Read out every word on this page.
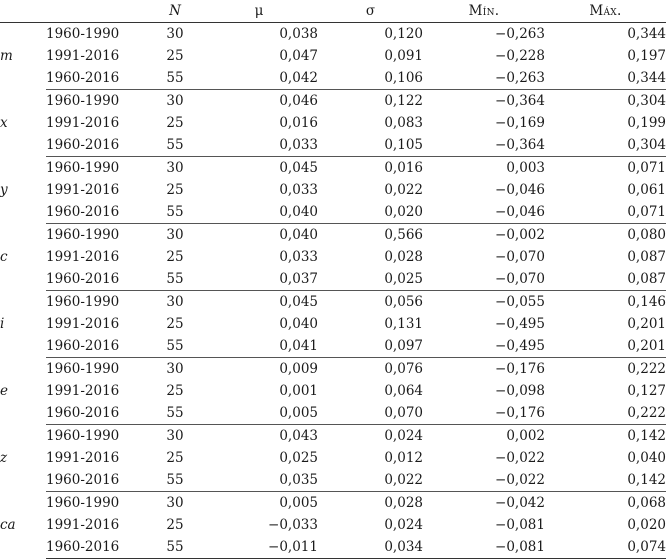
		N	μ	σ	Mín.	Máx.
m	1960-1990	30	0,038	0,120	−0,263	0,344
	1991-2016	25	0,047	0,091	−0,228	0,197
	1960-2016	55	0,042	0,106	−0,263	0,344
x	1960-1990	30	0,046	0,122	−0,364	0,304
	1991-2016	25	0,016	0,083	−0,169	0,199
	1960-2016	55	0,033	0,105	−0,364	0,304
y	1960-1990	30	0,045	0,016	0,003	0,071
	1991-2016	25	0,033	0,022	−0,046	0,061
	1960-2016	55	0,040	0,020	−0,046	0,071
c	1960-1990	30	0,040	0,566	−0,002	0,080
	1991-2016	25	0,033	0,028	−0,070	0,087
	1960-2016	55	0,037	0,025	−0,070	0,087
i	1960-1990	30	0,045	0,056	−0,055	0,146
	1991-2016	25	0,040	0,131	−0,495	0,201
	1960-2016	55	0,041	0,097	−0,495	0,201
e	1960-1990	30	0,009	0,076	−0,176	0,222
	1991-2016	25	0,001	0,064	−0,098	0,127
	1960-2016	55	0,005	0,070	−0,176	0,222
z	1960-1990	30	0,043	0,024	0,002	0,142
	1991-2016	25	0,025	0,012	−0,022	0,040
	1960-2016	55	0,035	0,022	−0,022	0,142
ca	1960-1990	30	0,005	0,028	−0,042	0,068
	1991-2016	25	−0,033	0,024	−0,081	0,020
	1960-2016	55	−0,011	0,034	−0,081	0,074
